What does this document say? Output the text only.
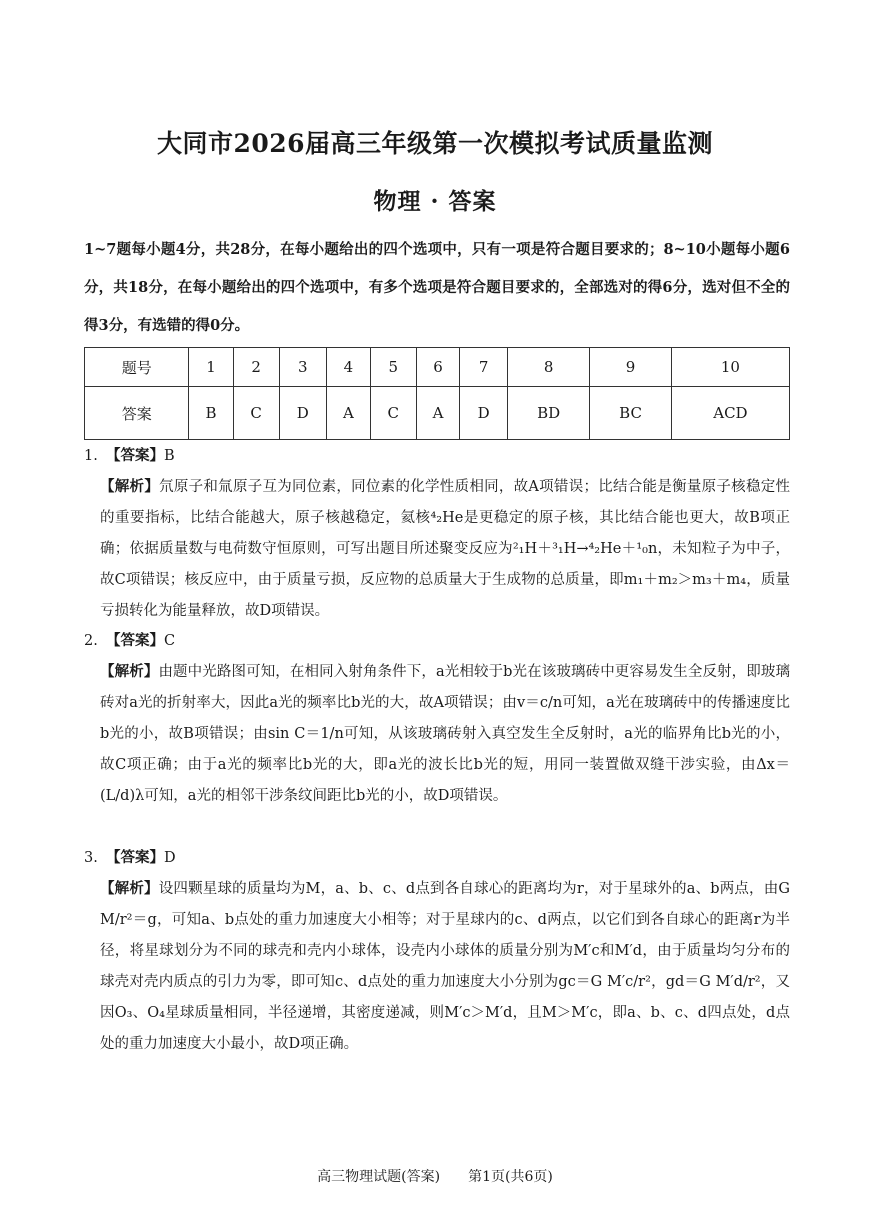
大同市2026届高三年级第一次模拟考试质量监测
物理 · 答案
1~7题每小题4分，共28分，在每小题给出的四个选项中，只有一项是符合题目要求的；8~10小题每小题6分，共18分，在每小题给出的四个选项中，有多个选项是符合题目要求的，全部选对的得6分，选对但不全的得3分，有选错的得0分。
题号	1	2	3	4	5	6	7	8	9	10
答案	B	C	D	A	C	A	D	BD	BC	ACD
1. 【答案】B
【解析】氘原子和氚原子互为同位素，同位素的化学性质相同，故A项错误；比结合能是衡量原子核稳定性的重要指标，比结合能越大，原子核越稳定，氦核⁴₂He是更稳定的原子核，其比结合能也更大，故B项正确；依据质量数与电荷数守恒原则，可写出题目所述聚变反应为²₁H＋³₁H→⁴₂He＋¹₀n，未知粒子为中子，故C项错误；核反应中，由于质量亏损，反应物的总质量大于生成物的总质量，即m₁＋m₂＞m₃＋m₄，质量亏损转化为能量释放，故D项错误。
2. 【答案】C
【解析】由题中光路图可知，在相同入射角条件下，a光相较于b光在该玻璃砖中更容易发生全反射，即玻璃砖对a光的折射率大，因此a光的频率比b光的大，故A项错误；由v＝c/n可知，a光在玻璃砖中的传播速度比b光的小，故B项错误；由sin C＝1/n可知，从该玻璃砖射入真空发生全反射时，a光的临界角比b光的小，故C项正确；由于a光的频率比b光的大，即a光的波长比b光的短，用同一装置做双缝干涉实验，由Δx＝(L/d)λ可知，a光的相邻干涉条纹间距比b光的小，故D项错误。
3. 【答案】D
【解析】设四颗星球的质量均为M，a、b、c、d点到各自球心的距离均为r，对于星球外的a、b两点，由G M/r²＝g，可知a、b点处的重力加速度大小相等；对于星球内的c、d两点，以它们到各自球心的距离r为半径，将星球划分为不同的球壳和壳内小球体，设壳内小球体的质量分别为M′c和M′d，由于质量均匀分布的球壳对壳内质点的引力为零，即可知c、d点处的重力加速度大小分别为gc＝G M′c/r²，gd＝G M′d/r²，又因O₃、O₄星球质量相同，半径递增，其密度递减，则M′c＞M′d，且M＞M′c，即a、b、c、d四点处，d点处的重力加速度大小最小，故D项正确。
高三物理试题(答案) 第1页(共6页)
